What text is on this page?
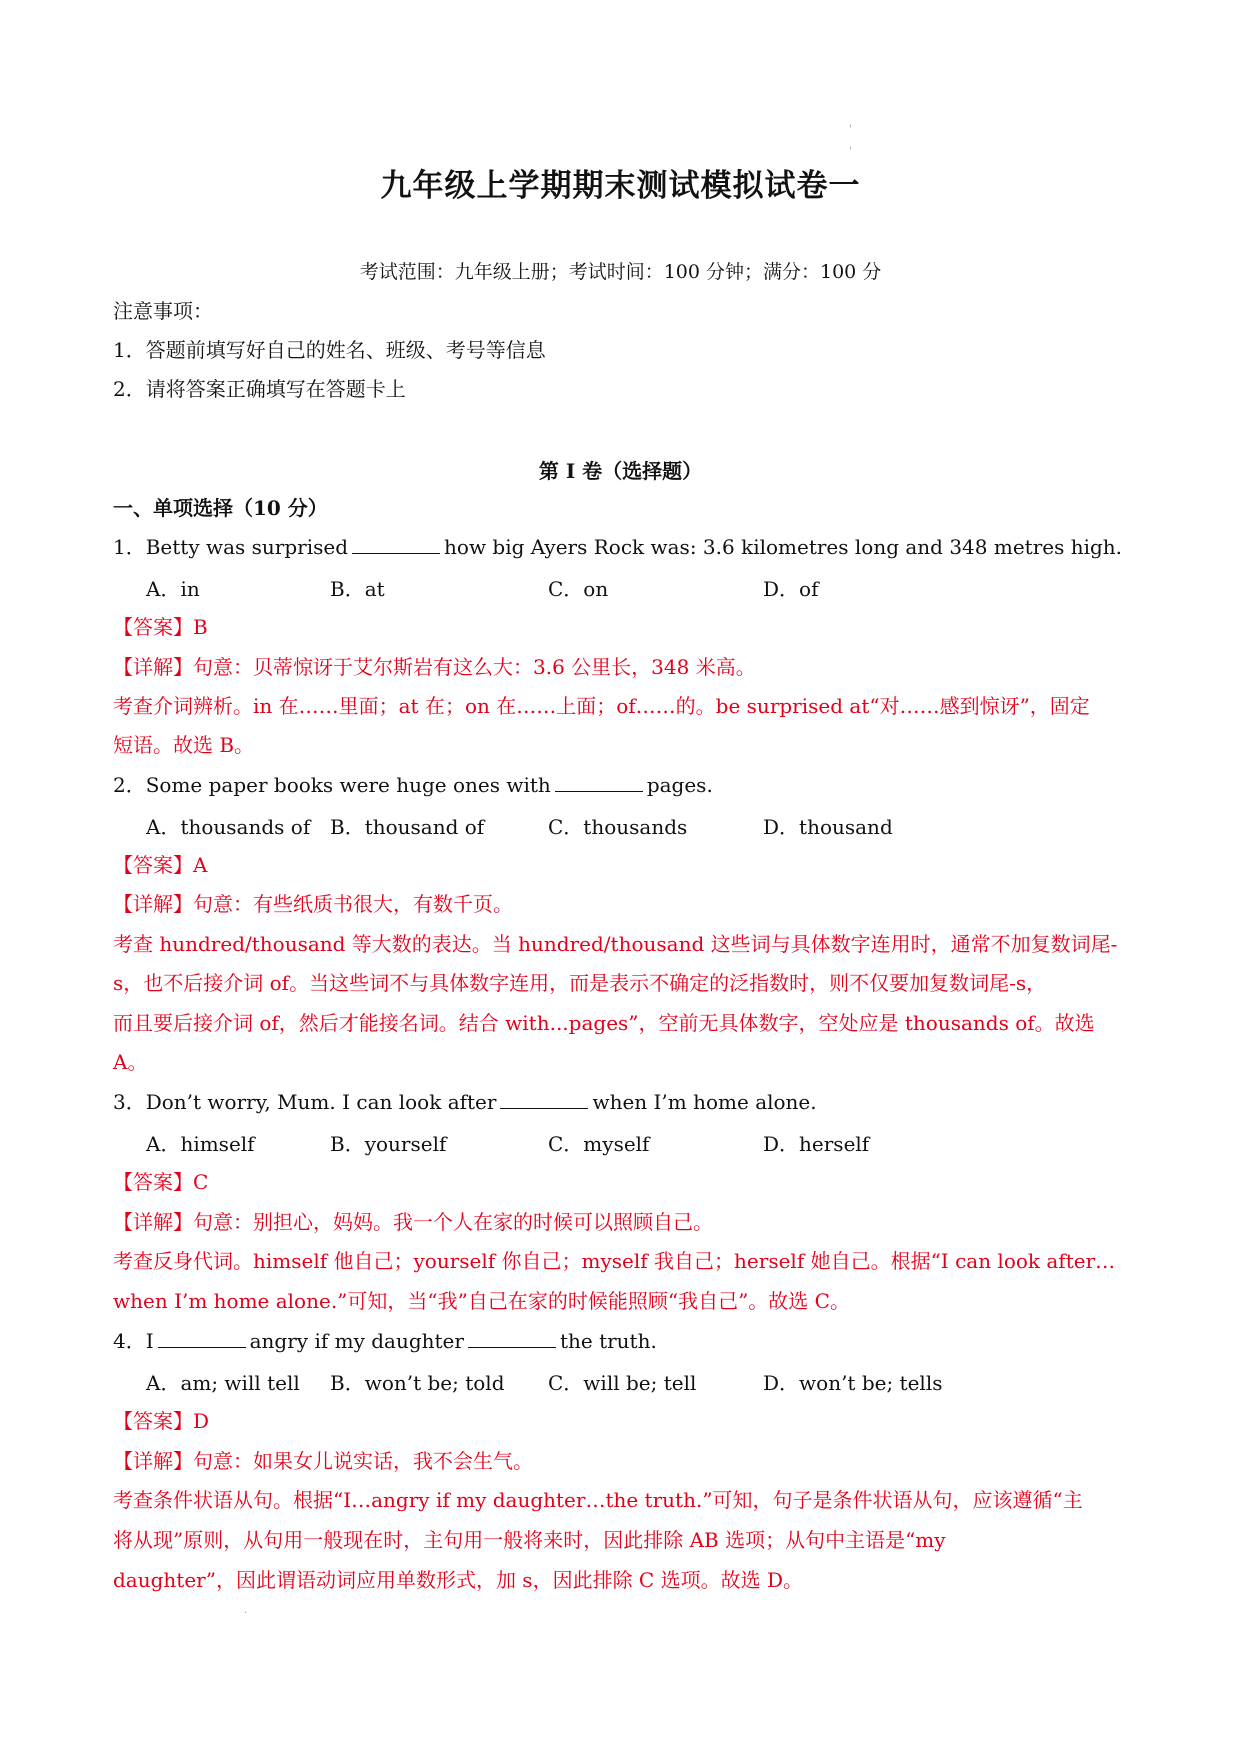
'
'
九年级上学期期末测试模拟试卷一
考试范围：九年级上册；考试时间：100 分钟；满分：100 分
注意事项：
1．答题前填写好自己的姓名、班级、考号等信息
2．请将答案正确填写在答题卡上
第 I 卷（选择题）
一、单项选择（10 分）
1．Betty was surprised	how big Ayers Rock was: 3.6 kilometres long and 348 metres high.
A．in	B．at	C．on	D．of
【答案】B
【详解】句意：贝蒂惊讶于艾尔斯岩有这么大：3.6 公里长，348 米高。
考查介词辨析。in 在……里面；at 在；on 在……上面；of……的。be surprised at“对……感到惊讶”，固定
短语。故选 B。
2．Some paper books were huge ones with	pages.
A．thousands of B．thousand of	C．thousands	D．thousand
【答案】A
【详解】句意：有些纸质书很大，有数千页。
考查 hundred/thousand 等大数的表达。当 hundred/thousand 这些词与具体数字连用时，通常不加复数词尾-
s，也不后接介词 of。当这些词不与具体数字连用，而是表示不确定的泛指数时，则不仅要加复数词尾-s，
而且要后接介词 of，然后才能接名词。结合 with...pages”，空前无具体数字，空处应是 thousands of。故选
A。
3．Don’t worry, Mum. I can look after	when I’m home alone.
A．himself	B．yourself	C．myself	D．herself
【答案】C
【详解】句意：别担心，妈妈。我一个人在家的时候可以照顾自己。
考查反身代词。himself 他自己；yourself 你自己；myself 我自己；herself 她自己。根据“I can look after…
when I’m home alone.”可知，当“我”自己在家的时候能照顾“我自己”。故选 C。
4．I	angry if my daughter	the truth.
A．am; will tell B．won’t be; told C．will be; tell	D．won’t be; tells
【答案】D
【详解】句意：如果女儿说实话，我不会生气。
考查条件状语从句。根据“I…angry if my daughter…the truth.”可知，句子是条件状语从句，应该遵循“主
将从现”原则，从句用一般现在时，主句用一般将来时，因此排除 AB 选项；从句中主语是“my
daughter”，因此谓语动词应用单数形式，加 s，因此排除 C 选项。故选 D。
.
